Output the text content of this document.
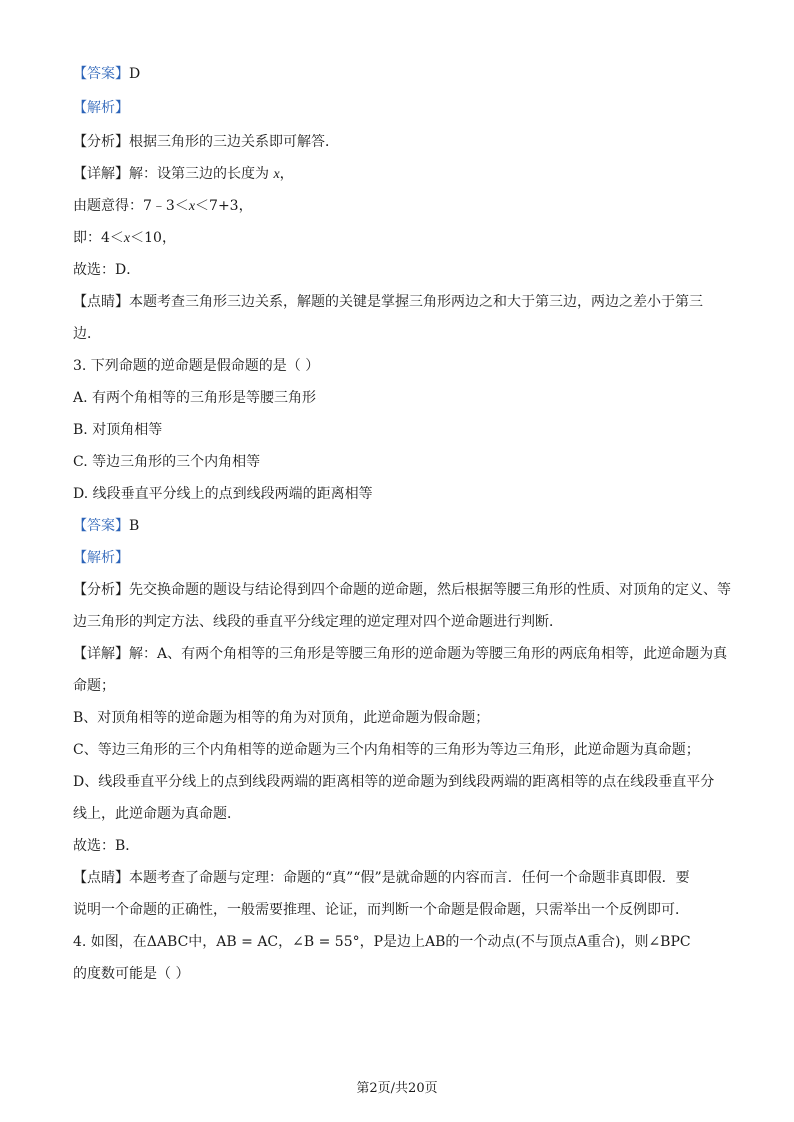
【答案】D
【解析】
【分析】根据三角形的三边关系即可解答．
【详解】解：设第三边的长度为 x，
由题意得：7﹣3＜x＜7+3，
即：4＜x＜10，
故选：D．
【点睛】本题考查三角形三边关系，解题的关键是掌握三角形两边之和大于第三边，两边之差小于第三
边．
3. 下列命题的逆命题是假命题的是（ ）
A. 有两个角相等的三角形是等腰三角形
B. 对顶角相等
C. 等边三角形的三个内角相等
D. 线段垂直平分线上的点到线段两端的距离相等
【答案】B
【解析】
【分析】先交换命题的题设与结论得到四个命题的逆命题，然后根据等腰三角形的性质、对顶角的定义、等
边三角形的判定方法、线段的垂直平分线定理的逆定理对四个逆命题进行判断．
【详解】解：A、有两个角相等的三角形是等腰三角形的逆命题为等腰三角形的两底角相等，此逆命题为真
命题；
B、对顶角相等的逆命题为相等的角为对顶角，此逆命题为假命题；
C、等边三角形的三个内角相等的逆命题为三个内角相等的三角形为等边三角形，此逆命题为真命题；
D、线段垂直平分线上的点到线段两端的距离相等的逆命题为到线段两端的距离相等的点在线段垂直平分
线上，此逆命题为真命题．
故选：B．
【点睛】本题考查了命题与定理：命题的“真”“假”是就命题的内容而言．任何一个命题非真即假．要
说明一个命题的正确性，一般需要推理、论证，而判断一个命题是假命题，只需举出一个反例即可．
4. 如图，在ΔABC中，AB = AC，∠B = 55°，P是边上AB的一个动点(不与顶点A重合)，则∠BPC
的度数可能是（ ）
第2页/共20页
